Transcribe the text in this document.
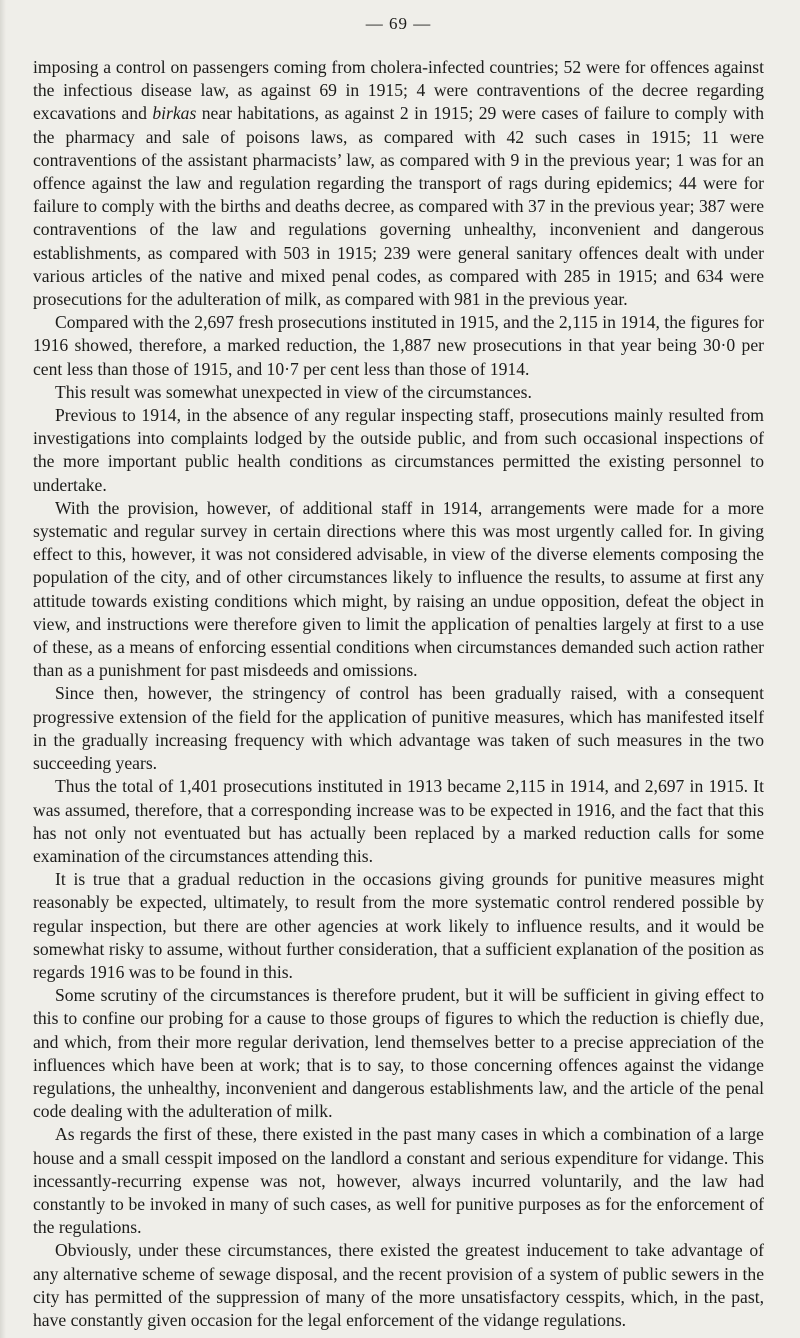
— 69 —

imposing a control on passengers coming from cholera-infected countries; 52 were for offences against the infectious disease law, as against 69 in 1915; 4 were contraventions of the decree regarding excavations and birkas near habitations, as against 2 in 1915; 29 were cases of failure to comply with the pharmacy and sale of poisons laws, as compared with 42 such cases in 1915; 11 were contraventions of the assistant pharmacists’ law, as compared with 9 in the previous year; 1 was for an offence against the law and regulation regarding the transport of rags during epidemics; 44 were for failure to comply with the births and deaths decree, as compared with 37 in the previous year; 387 were contraventions of the law and regulations governing unhealthy, inconvenient and dangerous establishments, as compared with 503 in 1915; 239 were general sanitary offences dealt with under various articles of the native and mixed penal codes, as compared with 285 in 1915; and 634 were prosecutions for the adulteration of milk, as compared with 981 in the previous year.

Compared with the 2,697 fresh prosecutions instituted in 1915, and the 2,115 in 1914, the figures for 1916 showed, therefore, a marked reduction, the 1,887 new prosecutions in that year being 30·0 per cent less than those of 1915, and 10·7 per cent less than those of 1914.

This result was somewhat unexpected in view of the circumstances.

Previous to 1914, in the absence of any regular inspecting staff, prosecutions mainly resulted from investigations into complaints lodged by the outside public, and from such occasional inspections of the more important public health conditions as circumstances permitted the existing personnel to undertake.

With the provision, however, of additional staff in 1914, arrangements were made for a more systematic and regular survey in certain directions where this was most urgently called for. In giving effect to this, however, it was not considered advisable, in view of the diverse elements composing the population of the city, and of other circumstances likely to influence the results, to assume at first any attitude towards existing conditions which might, by raising an undue opposition, defeat the object in view, and instructions were therefore given to limit the application of penalties largely at first to a use of these, as a means of enforcing essential conditions when circumstances demanded such action rather than as a punishment for past misdeeds and omissions.

Since then, however, the stringency of control has been gradually raised, with a consequent progressive extension of the field for the application of punitive measures, which has manifested itself in the gradually increasing frequency with which advantage was taken of such measures in the two succeeding years.

Thus the total of 1,401 prosecutions instituted in 1913 became 2,115 in 1914, and 2,697 in 1915. It was assumed, therefore, that a corresponding increase was to be expected in 1916, and the fact that this has not only not eventuated but has actually been replaced by a marked reduction calls for some examination of the circumstances attending this.

It is true that a gradual reduction in the occasions giving grounds for punitive measures might reasonably be expected, ultimately, to result from the more systematic control rendered possible by regular inspection, but there are other agencies at work likely to influence results, and it would be somewhat risky to assume, without further consideration, that a sufficient explanation of the position as regards 1916 was to be found in this.

Some scrutiny of the circumstances is therefore prudent, but it will be sufficient in giving effect to this to confine our probing for a cause to those groups of figures to which the reduction is chiefly due, and which, from their more regular derivation, lend themselves better to a precise appreciation of the influences which have been at work; that is to say, to those concerning offences against the vidange regulations, the unhealthy, inconvenient and dangerous establishments law, and the article of the penal code dealing with the adulteration of milk.

As regards the first of these, there existed in the past many cases in which a combination of a large house and a small cesspit imposed on the landlord a constant and serious expenditure for vidange. This incessantly-recurring expense was not, however, always incurred voluntarily, and the law had constantly to be invoked in many of such cases, as well for punitive purposes as for the enforcement of the regulations.

Obviously, under these circumstances, there existed the greatest inducement to take advantage of any alternative scheme of sewage disposal, and the recent provision of a system of public sewers in the city has permitted of the suppression of many of the more unsatisfactory cesspits, which, in the past, have constantly given occasion for the legal enforcement of the vidange regulations.
